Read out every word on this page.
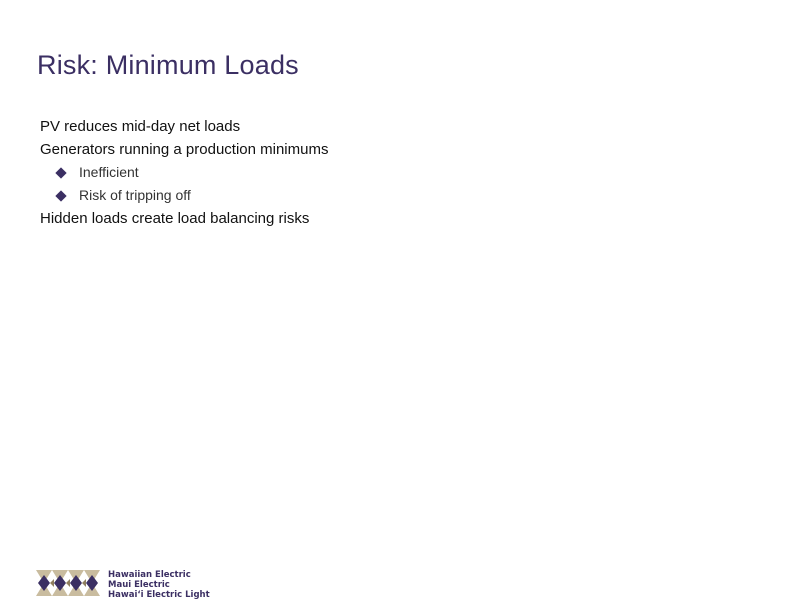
Risk: Minimum Loads
PV reduces mid-day net loads
Generators running a production minimums
Inefficient
Risk of tripping off
Hidden loads create load balancing risks
Hawaiian Electric
Maui Electric
Hawai‘i Electric Light
